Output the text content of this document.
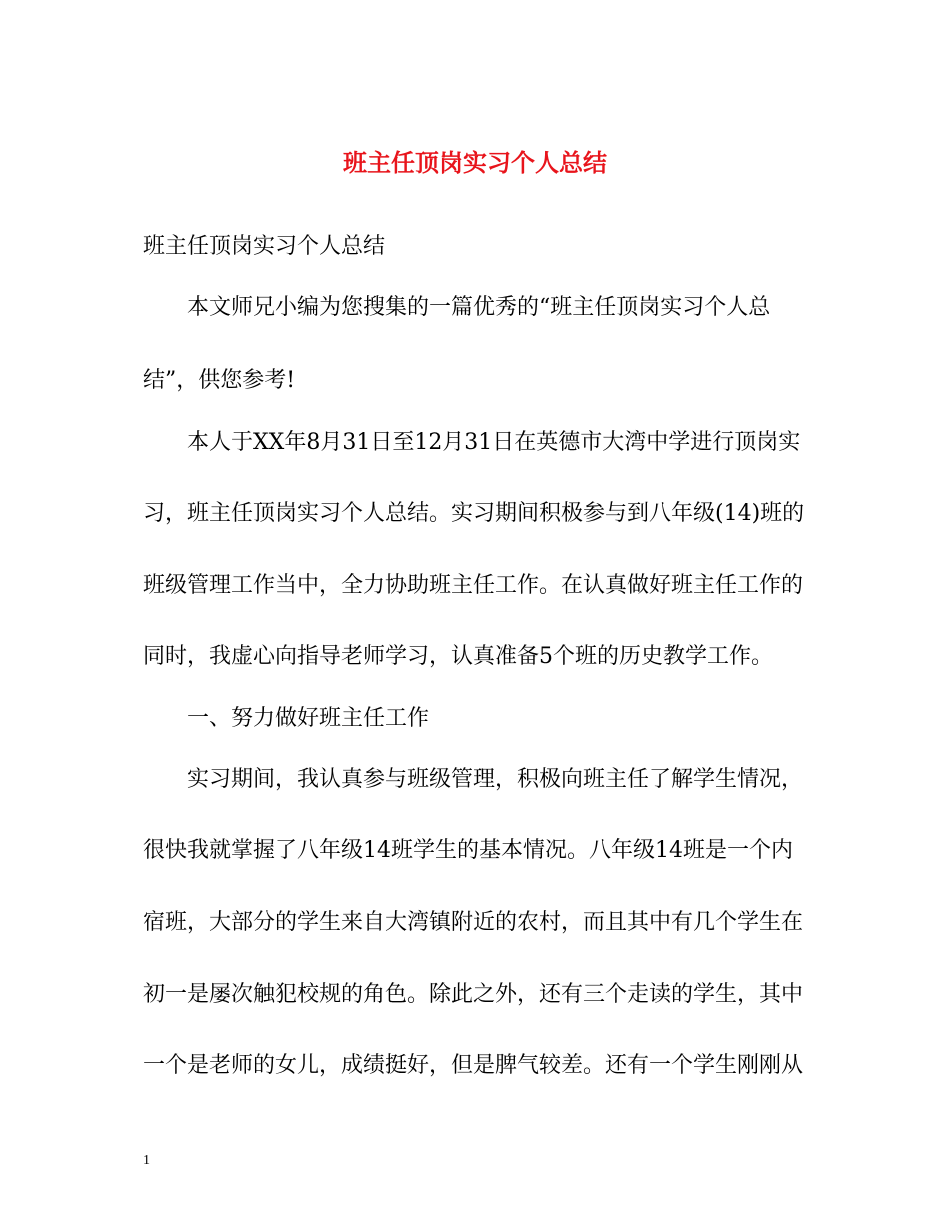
班主任顶岗实习个人总结
班主任顶岗实习个人总结
本文师兄小编为您搜集的一篇优秀的“班主任顶岗实习个人总
结”，供您参考!
本人于XX年8月31日至12月31日在英德市大湾中学进行顶岗实
习，班主任顶岗实习个人总结。实习期间积极参与到八年级(14)班的
班级管理工作当中，全力协助班主任工作。在认真做好班主任工作的
同时，我虚心向指导老师学习，认真准备5个班的历史教学工作。
一、努力做好班主任工作
实习期间，我认真参与班级管理，积极向班主任了解学生情况，
很快我就掌握了八年级14班学生的基本情况。八年级14班是一个内
宿班，大部分的学生来自大湾镇附近的农村，而且其中有几个学生在
初一是屡次触犯校规的角色。除此之外，还有三个走读的学生，其中
一个是老师的女儿，成绩挺好，但是脾气较差。还有一个学生刚刚从
1
